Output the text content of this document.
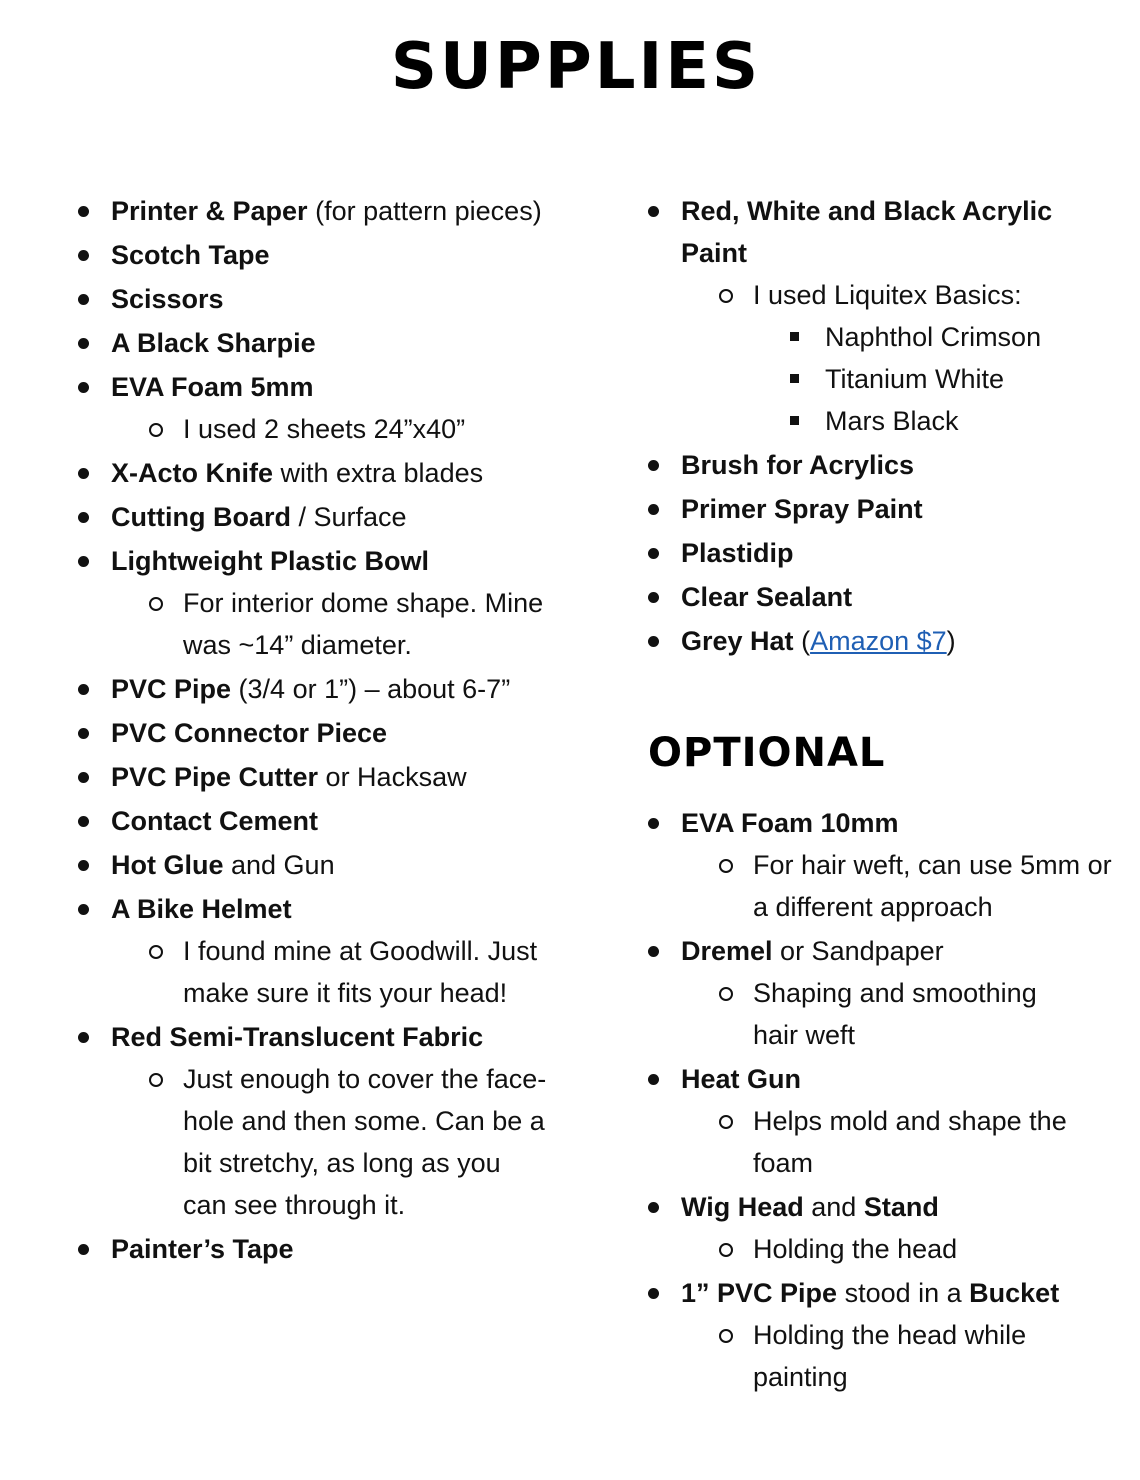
SUPPLIES
Printer & Paper (for pattern pieces)
Scotch Tape
Scissors
A Black Sharpie
EVA Foam 5mm
I used 2 sheets 24”x40”
X-Acto Knife with extra blades
Cutting Board / Surface
Lightweight Plastic Bowl
For interior dome shape. Mine was ~14” diameter.
PVC Pipe (3/4 or 1”) – about 6-7”
PVC Connector Piece
PVC Pipe Cutter or Hacksaw
Contact Cement
Hot Glue and Gun
A Bike Helmet
I found mine at Goodwill. Just make sure it fits your head!
Red Semi-Translucent Fabric
Just enough to cover the face-hole and then some. Can be a bit stretchy, as long as you can see through it.
Painter’s Tape
Red, White and Black Acrylic Paint
I used Liquitex Basics:
Naphthol Crimson
Titanium White
Mars Black
Brush for Acrylics
Primer Spray Paint
Plastidip
Clear Sealant
Grey Hat (Amazon $7)
OPTIONAL
EVA Foam 10mm
For hair weft, can use 5mm or a different approach
Dremel or Sandpaper
Shaping and smoothing hair weft
Heat Gun
Helps mold and shape the foam
Wig Head and Stand
Holding the head
1” PVC Pipe stood in a Bucket
Holding the head while painting
